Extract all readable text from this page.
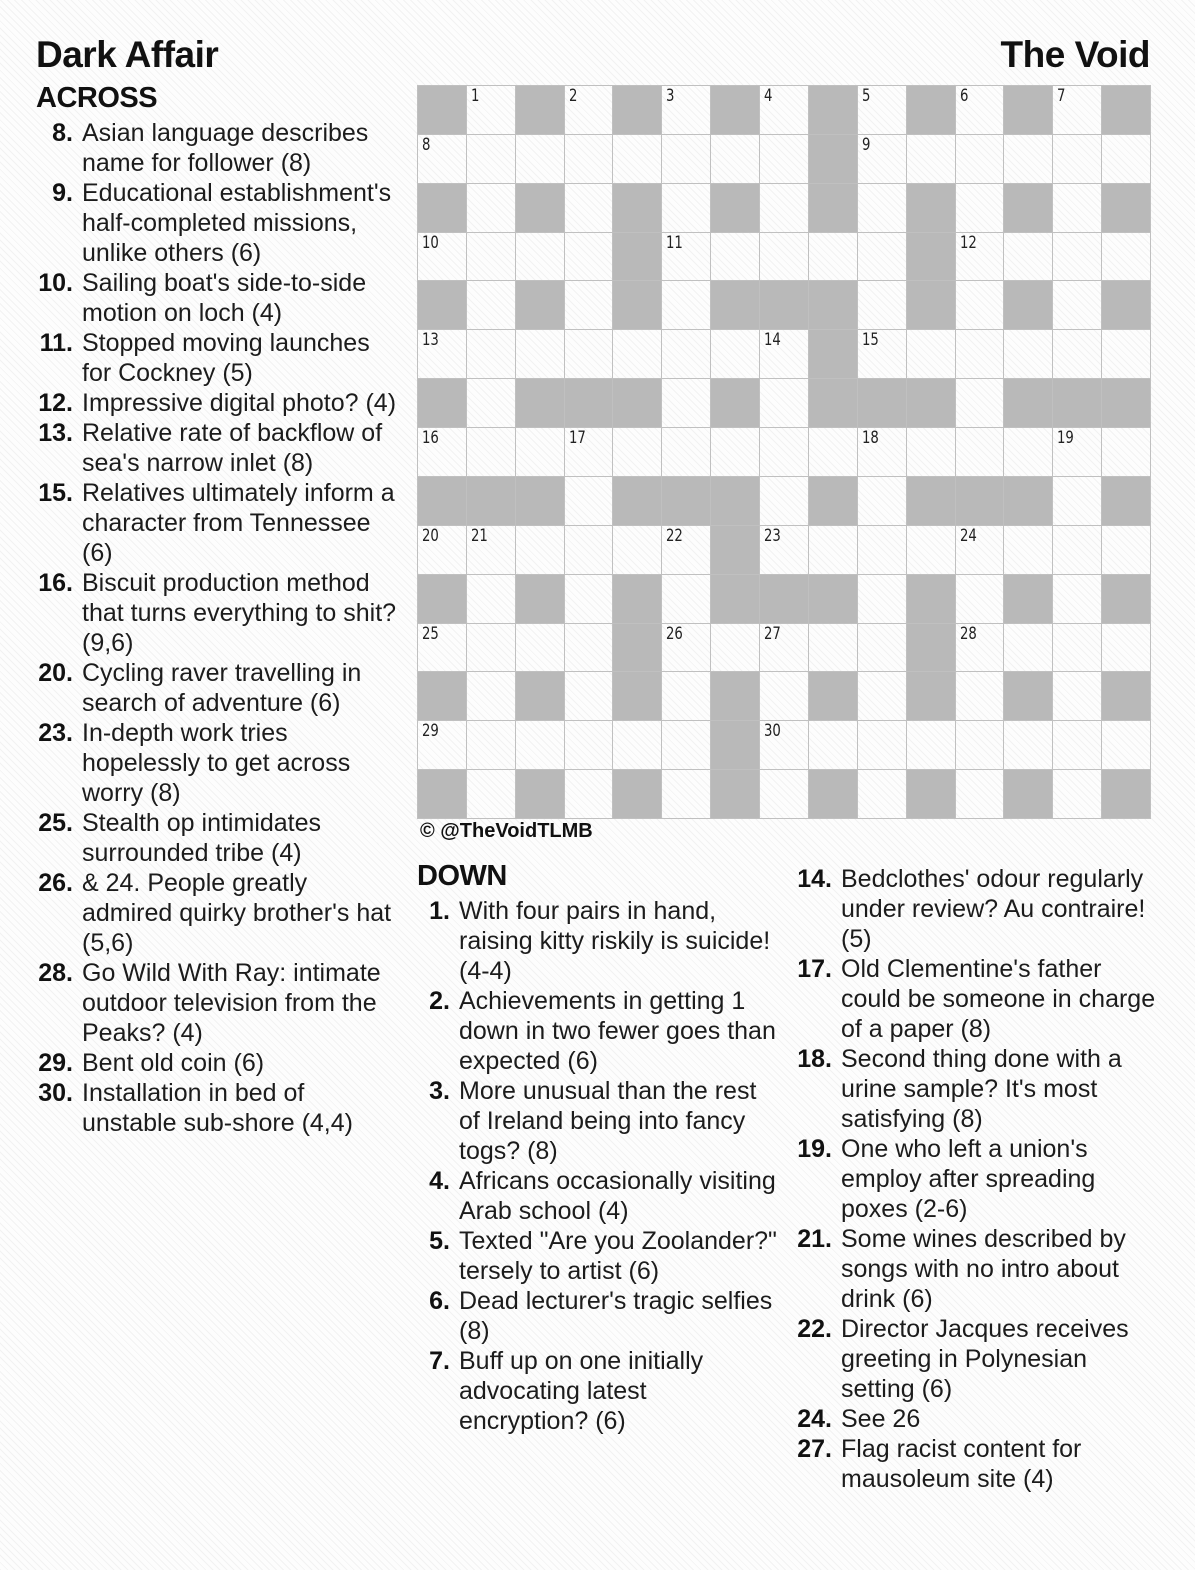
Dark Affair	The Void
ACROSS
8. Asian language describes name for follower (8)
9. Educational establishment's half-completed missions, unlike others (6)
10. Sailing boat's side-to-side motion on loch (4)
11. Stopped moving launches for Cockney (5)
12. Impressive digital photo? (4)
13. Relative rate of backflow of sea's narrow inlet (8)
15. Relatives ultimately inform a character from Tennessee (6)
16. Biscuit production method that turns everything to shit? (9,6)
20. Cycling raver travelling in search of adventure (6)
23. In-depth work tries hopelessly to get across worry (8)
25. Stealth op intimidates surrounded tribe (4)
26. & 24. People greatly admired quirky brother's hat (5,6)
28. Go Wild With Ray: intimate outdoor television from the Peaks? (4)
29. Bent old coin (6)
30. Installation in bed of unstable sub-shore (4,4)
1	2	3	4	5	6	7
8	9
10	11	12
13	14	15
16	17	18	19
20 21	22	23	24
25	26	27	28
29	30
© @TheVoidTLMB
DOWN
1. With four pairs in hand, raising kitty riskily is suicide! (4-4)
2. Achievements in getting 1 down in two fewer goes than expected (6)
3. More unusual than the rest of Ireland being into fancy togs? (8)
4. Africans occasionally visiting Arab school (4)
5. Texted "Are you Zoolander?" tersely to artist (6)
6. Dead lecturer's tragic selfies (8)
7. Buff up on one initially advocating latest encryption? (6)
14. Bedclothes' odour regularly under review? Au contraire! (5)
17. Old Clementine's father could be someone in charge of a paper (8)
18. Second thing done with a urine sample? It's most satisfying (8)
19. One who left a union's employ after spreading poxes (2-6)
21. Some wines described by songs with no intro about drink (6)
22. Director Jacques receives greeting in Polynesian setting (6)
24. See 26
27. Flag racist content for mausoleum site (4)
